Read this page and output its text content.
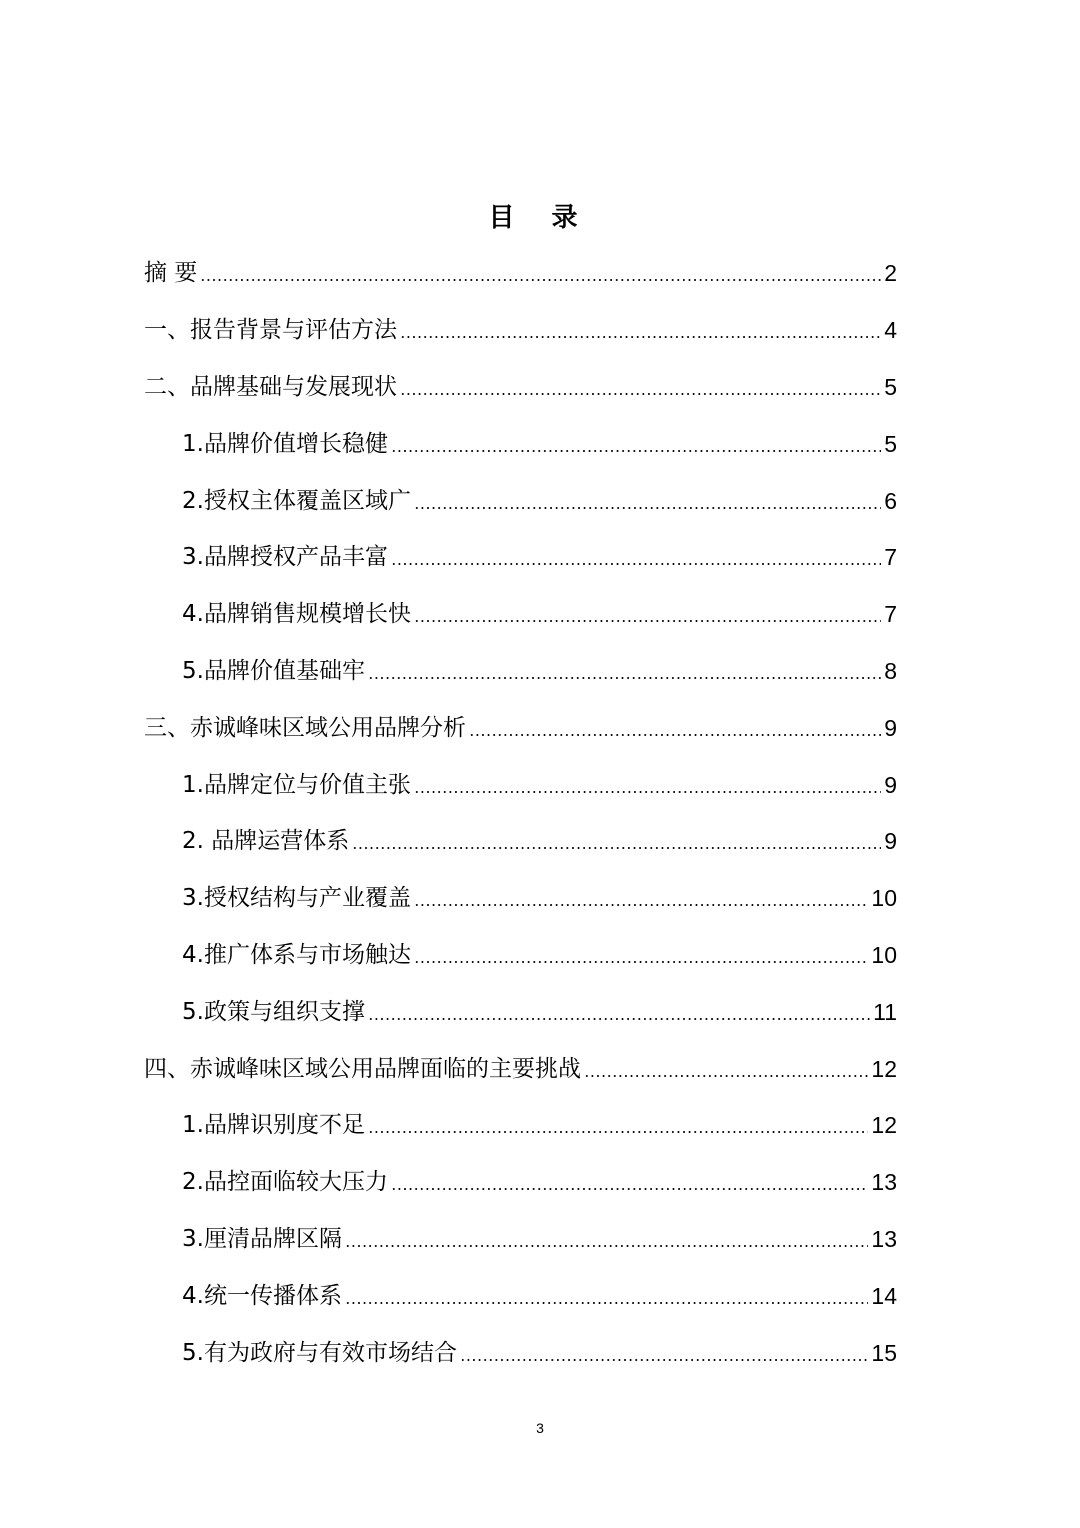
目 录
摘 要	2
一、报告背景与评估方法	4
二、品牌基础与发展现状	5
1.品牌价值增长稳健	5
2.授权主体覆盖区域广	6
3.品牌授权产品丰富	7
4.品牌销售规模增长快	7
5.品牌价值基础牢	8
三、赤诚峰味区域公用品牌分析	9
1.品牌定位与价值主张	9
2. 品牌运营体系	9
3.授权结构与产业覆盖	10
4.推广体系与市场触达	10
5.政策与组织支撑	11
四、赤诚峰味区域公用品牌面临的主要挑战	12
1.品牌识别度不足	12
2.品控面临较大压力	13
3.厘清品牌区隔	13
4.统一传播体系	14
5.有为政府与有效市场结合	15
3
